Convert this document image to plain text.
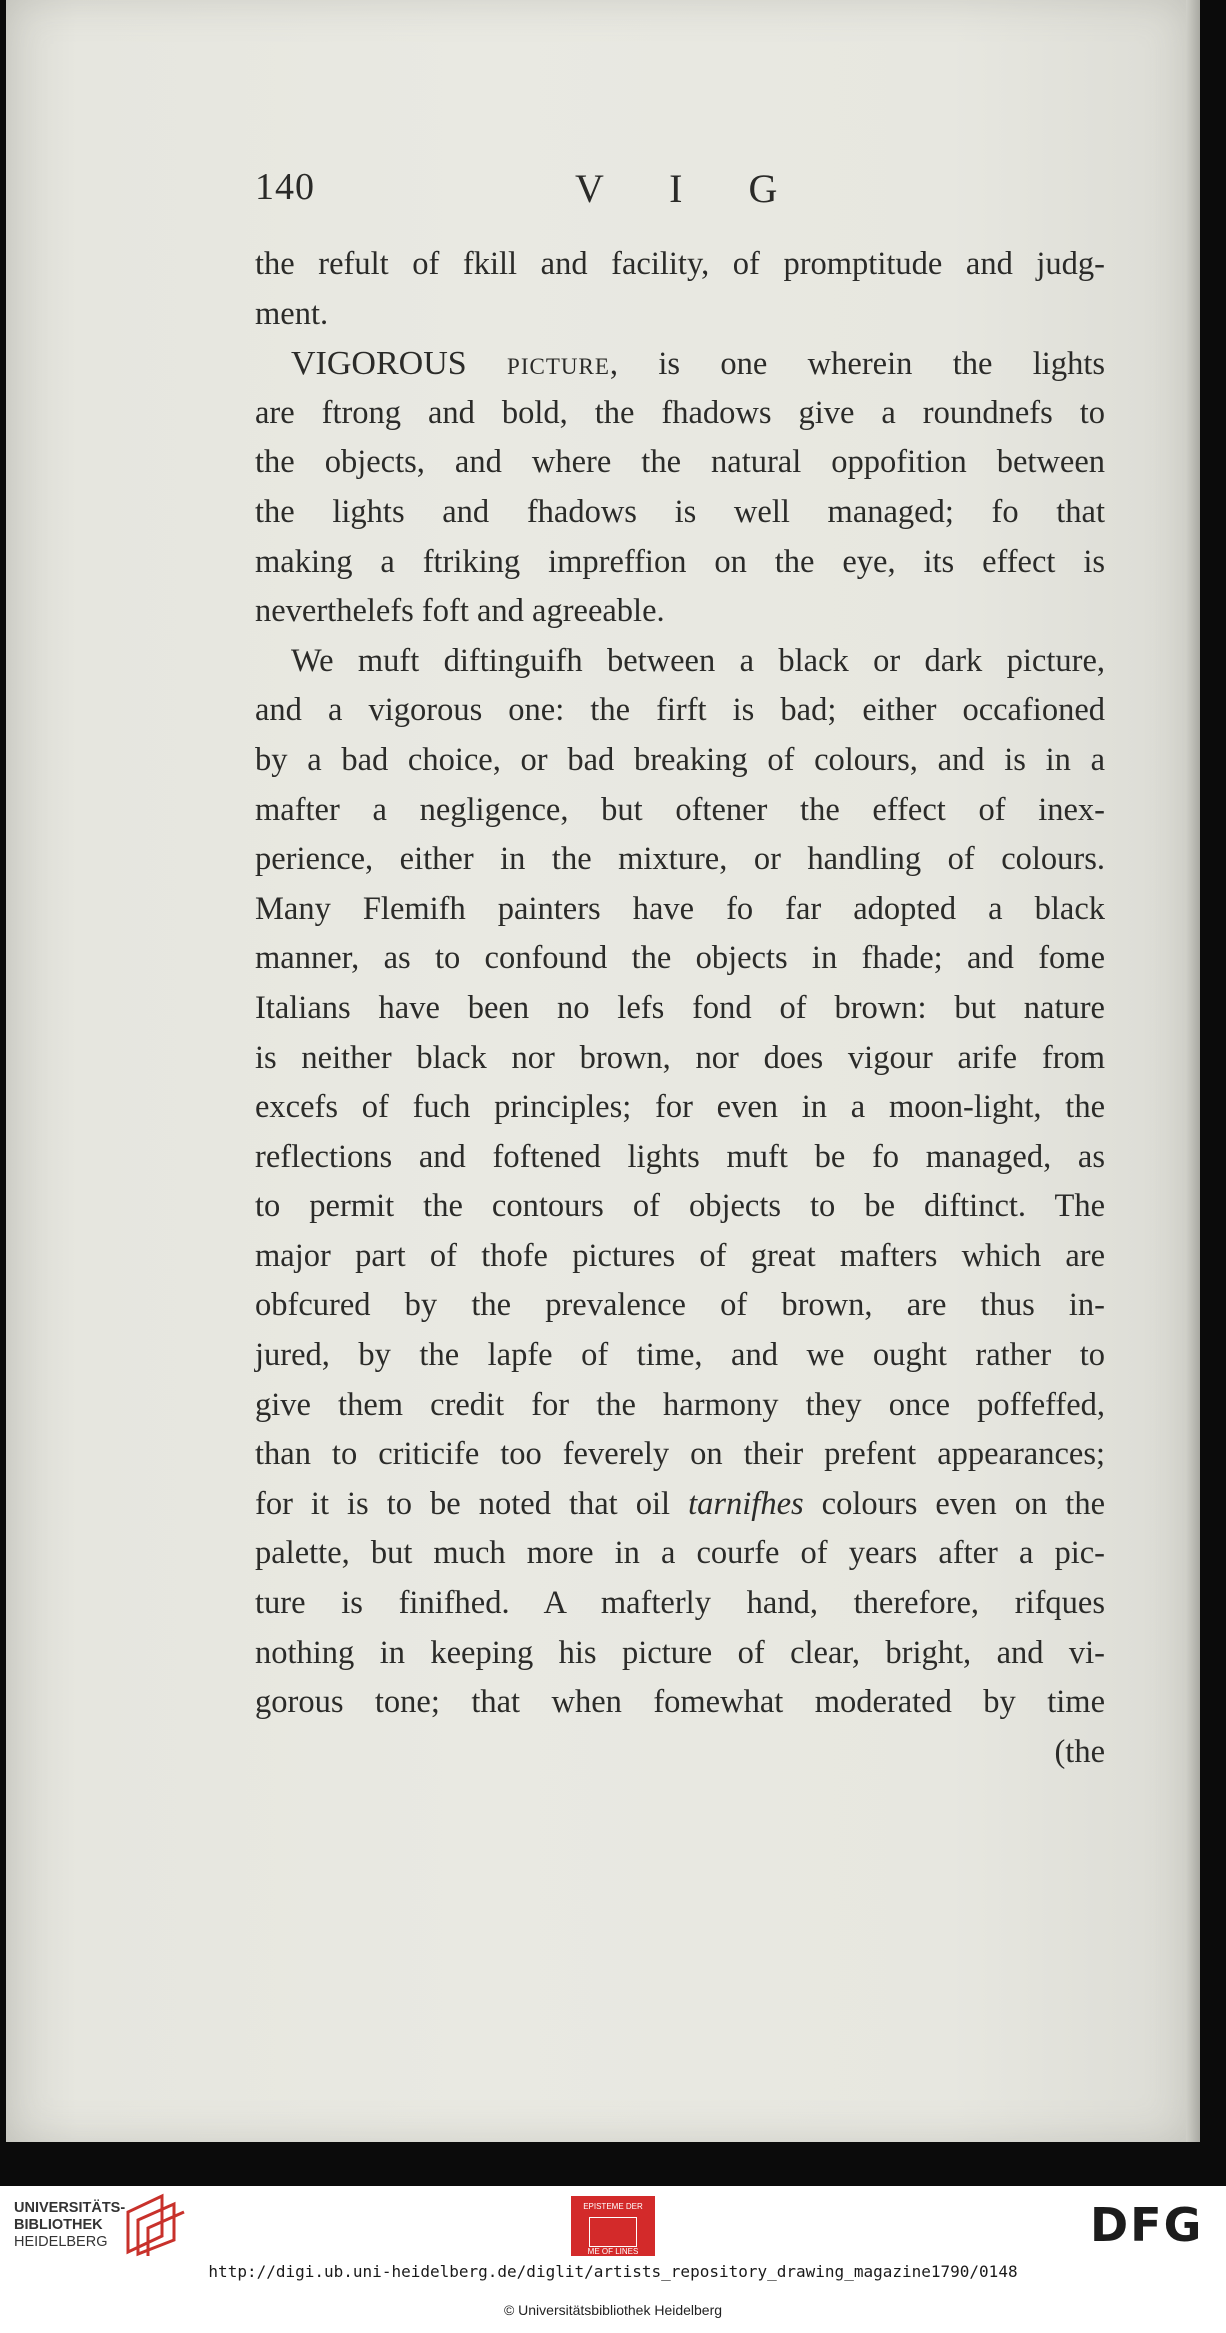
140	V I G
the refult of fkill and facility, of promptitude and judg-
ment.
VIGOROUS picture, is one wherein the lights
are ftrong and bold, the fhadows give a roundnefs to
the objects, and where the natural oppofition between
the lights and fhadows is well managed; fo that
making a ftriking impreffion on the eye, its effect is
neverthelefs foft and agreeable.
We muft diftinguifh between a black or dark picture,
and a vigorous one: the firft is bad; either occafioned
by a bad choice, or bad breaking of colours, and is in a
mafter a negligence, but oftener the effect of inex-
perience, either in the mixture, or handling of colours.
Many Flemifh painters have fo far adopted a black
manner, as to confound the objects in fhade; and fome
Italians have been no lefs fond of brown: but nature
is neither black nor brown, nor does vigour arife from
excefs of fuch principles; for even in a moon-light, the
reflections and foftened lights muft be fo managed, as
to permit the contours of objects to be diftinct. The
major part of thofe pictures of great mafters which are
obfcured by the prevalence of brown, are thus in-
jured, by the lapfe of time, and we ought rather to
give them credit for the harmony they once poffeffed,
than to criticife too feverely on their prefent appearances;
for it is to be noted that oil tarnifhes colours even on the
palette, but much more in a courfe of years after a pic-
ture is finifhed. A mafterly hand, therefore, rifques
nothing in keeping his picture of clear, bright, and vi-
gorous tone; that when fomewhat moderated by time
(the
UNIVERSITÄTS-
BIBLIOTHEK
HEIDELBERG
EPISTEME DER
ME OF LINES	DFG
http://digi.ub.uni-heidelberg.de/diglit/artists_repository_drawing_magazine1790/0148
© Universitätsbibliothek Heidelberg
